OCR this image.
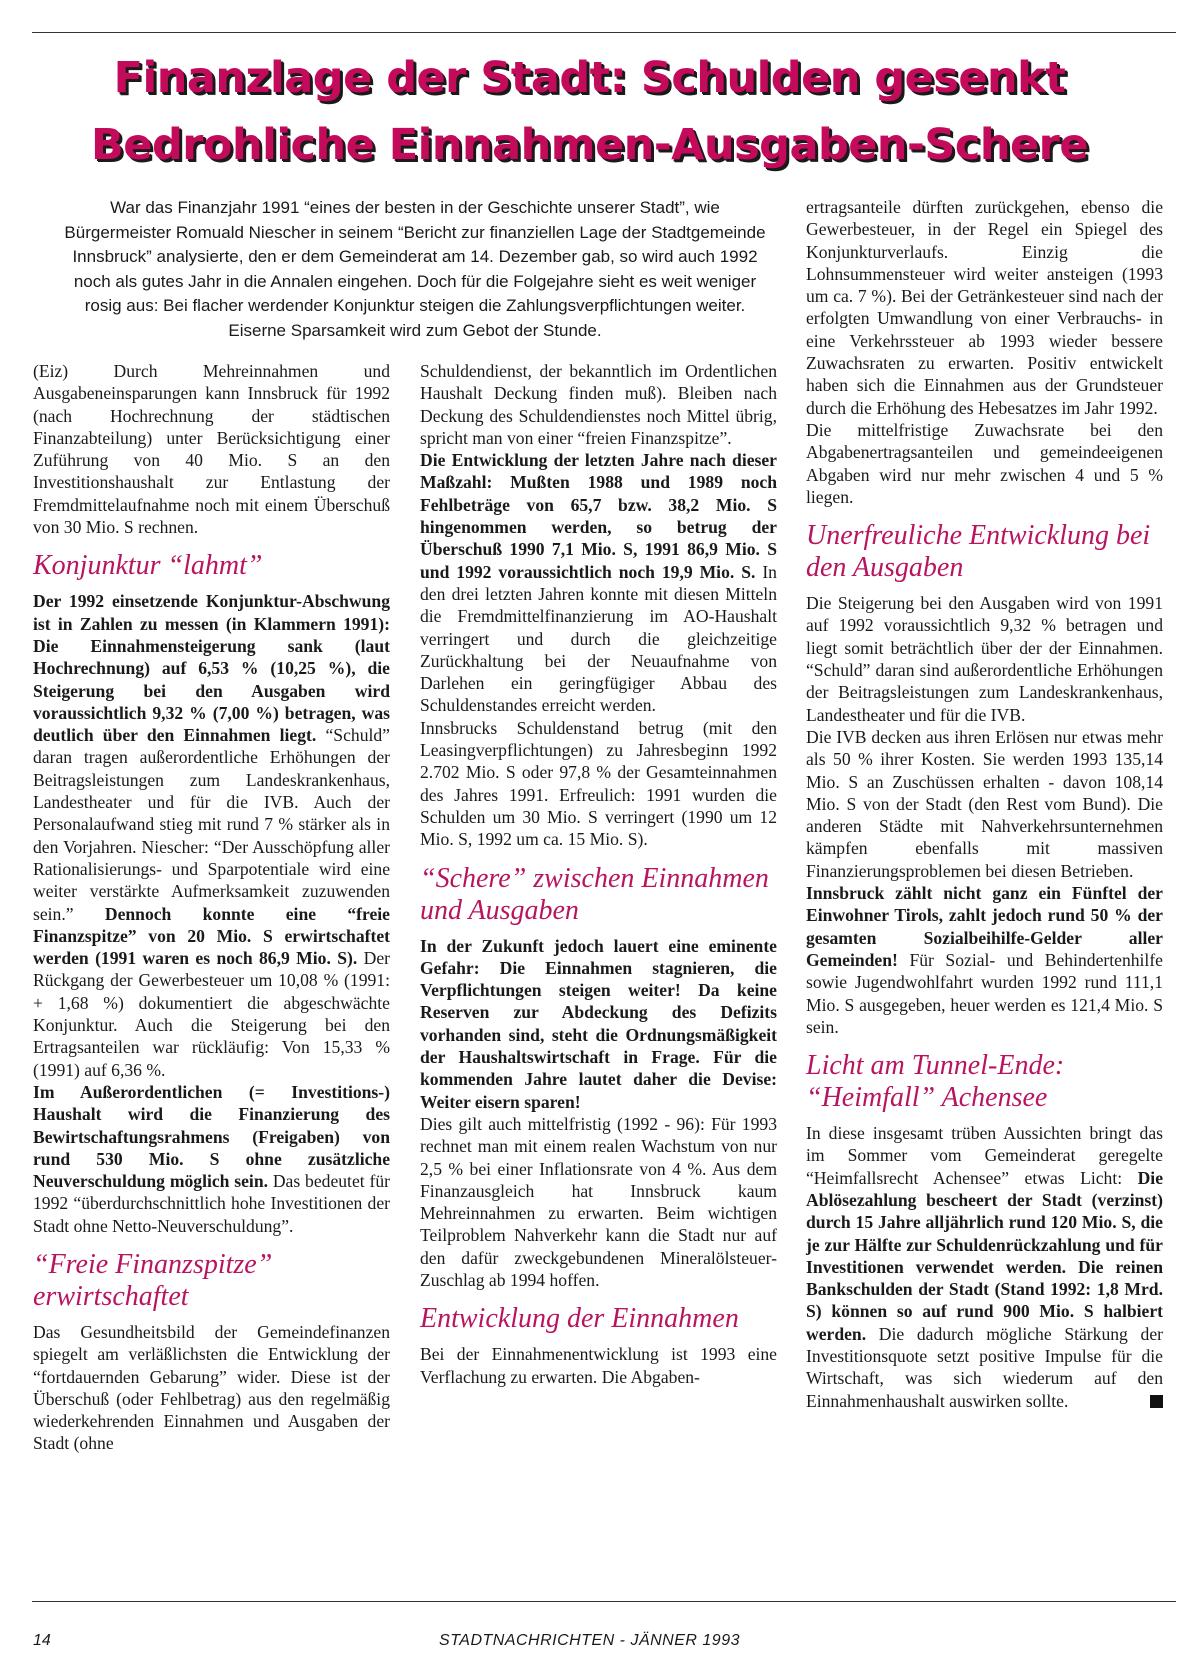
Finanzlage der Stadt: Schulden gesenkt
Bedrohliche Einnahmen-Ausgaben-Schere
War das Finanzjahr 1991 “eines der besten in der Geschichte unserer Stadt”, wie Bürgermeister Romuald Niescher in seinem “Bericht zur finanziellen Lage der Stadtgemeinde Innsbruck” analysierte, den er dem Gemeinderat am 14. Dezember gab, so wird auch 1992 noch als gutes Jahr in die Annalen eingehen. Doch für die Folgejahre sieht es weit weniger rosig aus: Bei flacher werdender Konjunktur steigen die Zahlungsverpflichtungen weiter. Eiserne Sparsamkeit wird zum Gebot der Stunde.

(Eiz) Durch Mehreinnahmen und Ausgabeneinsparungen kann Innsbruck für 1992 (nach Hochrechnung der städtischen Finanzabteilung) unter Berücksichtigung einer Zuführung von 40 Mio. S an den Investitionshaushalt zur Entlastung der Fremdmittelaufnahme noch mit einem Überschuß von 30 Mio. S rechnen.

Konjunktur “lahmt”

Der 1992 einsetzende Konjunktur-Abschwung ist in Zahlen zu messen (in Klammern 1991): Die Einnahmensteigerung sank (laut Hochrechnung) auf 6,53 % (10,25 %), die Steigerung bei den Ausgaben wird voraussichtlich 9,32 % (7,00 %) betragen, was deutlich über den Einnahmen liegt. “Schuld” daran tragen außerordentliche Erhöhungen der Beitragsleistungen zum Landeskrankenhaus, Landestheater und für die IVB. Auch der Personalaufwand stieg mit rund 7 % stärker als in den Vorjahren. Niescher: “Der Ausschöpfung aller Rationalisierungs- und Sparpotentiale wird eine weiter verstärkte Aufmerksamkeit zuzuwenden sein.” Dennoch konnte eine “freie Finanzspitze” von 20 Mio. S erwirtschaftet werden (1991 waren es noch 86,9 Mio. S). Der Rückgang der Gewerbesteuer um 10,08 % (1991: + 1,68 %) dokumentiert die abgeschwächte Konjunktur. Auch die Steigerung bei den Ertragsanteilen war rückläufig: Von 15,33 % (1991) auf 6,36 %.

Im Außerordentlichen (= Investitions-) Haushalt wird die Finanzierung des Bewirtschaftungsrahmens (Freigaben) von rund 530 Mio. S ohne zusätzliche Neuverschuldung möglich sein. Das bedeutet für 1992 “überdurchschnittlich hohe Investitionen der Stadt ohne Netto-Neuverschuldung”.

“Freie Finanzspitze” erwirtschaftet

Das Gesundheitsbild der Gemeindefinanzen spiegelt am verläßlichsten die Entwicklung der “fortdauernden Gebarung” wider. Diese ist der Überschuß (oder Fehlbetrag) aus den regelmäßig wiederkehrenden Einnahmen und Ausgaben der Stadt (ohne

Schuldendienst, der bekanntlich im Ordentlichen Haushalt Deckung finden muß). Bleiben nach Deckung des Schuldendienstes noch Mittel übrig, spricht man von einer “freien Finanzspitze”.

Die Entwicklung der letzten Jahre nach dieser Maßzahl: Mußten 1988 und 1989 noch Fehlbeträge von 65,7 bzw. 38,2 Mio. S hingenommen werden, so betrug der Überschuß 1990 7,1 Mio. S, 1991 86,9 Mio. S und 1992 voraussichtlich noch 19,9 Mio. S. In den drei letzten Jahren konnte mit diesen Mitteln die Fremdmittelfinanzierung im AO-Haushalt verringert und durch die gleichzeitige Zurückhaltung bei der Neuaufnahme von Darlehen ein geringfügiger Abbau des Schuldenstandes erreicht werden.

Innsbrucks Schuldenstand betrug (mit den Leasingverpflichtungen) zu Jahresbeginn 1992 2.702 Mio. S oder 97,8 % der Gesamteinnahmen des Jahres 1991. Erfreulich: 1991 wurden die Schulden um 30 Mio. S verringert (1990 um 12 Mio. S, 1992 um ca. 15 Mio. S).

“Schere” zwischen Einnahmen und Ausgaben

In der Zukunft jedoch lauert eine eminente Gefahr: Die Einnahmen stagnieren, die Verpflichtungen steigen weiter! Da keine Reserven zur Abdeckung des Defizits vorhanden sind, steht die Ordnungsmäßigkeit der Haushaltswirtschaft in Frage. Für die kommenden Jahre lautet daher die Devise: Weiter eisern sparen!

Dies gilt auch mittelfristig (1992 - 96): Für 1993 rechnet man mit einem realen Wachstum von nur 2,5 % bei einer Inflationsrate von 4 %. Aus dem Finanzausgleich hat Innsbruck kaum Mehreinnahmen zu erwarten. Beim wichtigen Teilproblem Nahverkehr kann die Stadt nur auf den dafür zweckgebundenen Mineralölsteuer-Zuschlag ab 1994 hoffen.

Entwicklung der Einnahmen

Bei der Einnahmenentwicklung ist 1993 eine Verflachung zu erwarten. Die Abgaben-

ertragsanteile dürften zurückgehen, ebenso die Gewerbesteuer, in der Regel ein Spiegel des Konjunkturverlaufs. Einzig die Lohnsummensteuer wird weiter ansteigen (1993 um ca. 7 %). Bei der Getränkesteuer sind nach der erfolgten Umwandlung von einer Verbrauchs- in eine Verkehrssteuer ab 1993 wieder bessere Zuwachsraten zu erwarten. Positiv entwickelt haben sich die Einnahmen aus der Grundsteuer durch die Erhöhung des Hebesatzes im Jahr 1992.

Die mittelfristige Zuwachsrate bei den Abgabenertragsanteilen und gemeindeeigenen Abgaben wird nur mehr zwischen 4 und 5 % liegen.

Unerfreuliche Entwicklung bei den Ausgaben

Die Steigerung bei den Ausgaben wird von 1991 auf 1992 voraussichtlich 9,32 % betragen und liegt somit beträchtlich über der der Einnahmen. “Schuld” daran sind außerordentliche Erhöhungen der Beitragsleistungen zum Landeskrankenhaus, Landestheater und für die IVB.

Die IVB decken aus ihren Erlösen nur etwas mehr als 50 % ihrer Kosten. Sie werden 1993 135,14 Mio. S an Zuschüssen erhalten - davon 108,14 Mio. S von der Stadt (den Rest vom Bund). Die anderen Städte mit Nahverkehrsunternehmen kämpfen ebenfalls mit massiven Finanzierungsproblemen bei diesen Betrieben.

Innsbruck zählt nicht ganz ein Fünftel der Einwohner Tirols, zahlt jedoch rund 50 % der gesamten Sozialbeihilfe-Gelder aller Gemeinden! Für Sozial- und Behindertenhilfe sowie Jugendwohlfahrt wurden 1992 rund 111,1 Mio. S ausgegeben, heuer werden es 121,4 Mio. S sein.

Licht am Tunnel-Ende: “Heimfall” Achensee

In diese insgesamt trüben Aussichten bringt das im Sommer vom Gemeinderat geregelte “Heimfallsrecht Achensee” etwas Licht: Die Ablösezahlung bescheert der Stadt (verzinst) durch 15 Jahre alljährlich rund 120 Mio. S, die je zur Hälfte zur Schuldenrückzahlung und für Investitionen verwendet werden. Die reinen Bankschulden der Stadt (Stand 1992: 1,8 Mrd. S) können so auf rund 900 Mio. S halbiert werden. Die dadurch mögliche Stärkung der Investitionsquote setzt positive Impulse für die Wirtschaft, was sich wiederum auf den Einnahmenhaushalt auswirken sollte.

STADTNACHRICHTEN - JÄNNER 1993
14
